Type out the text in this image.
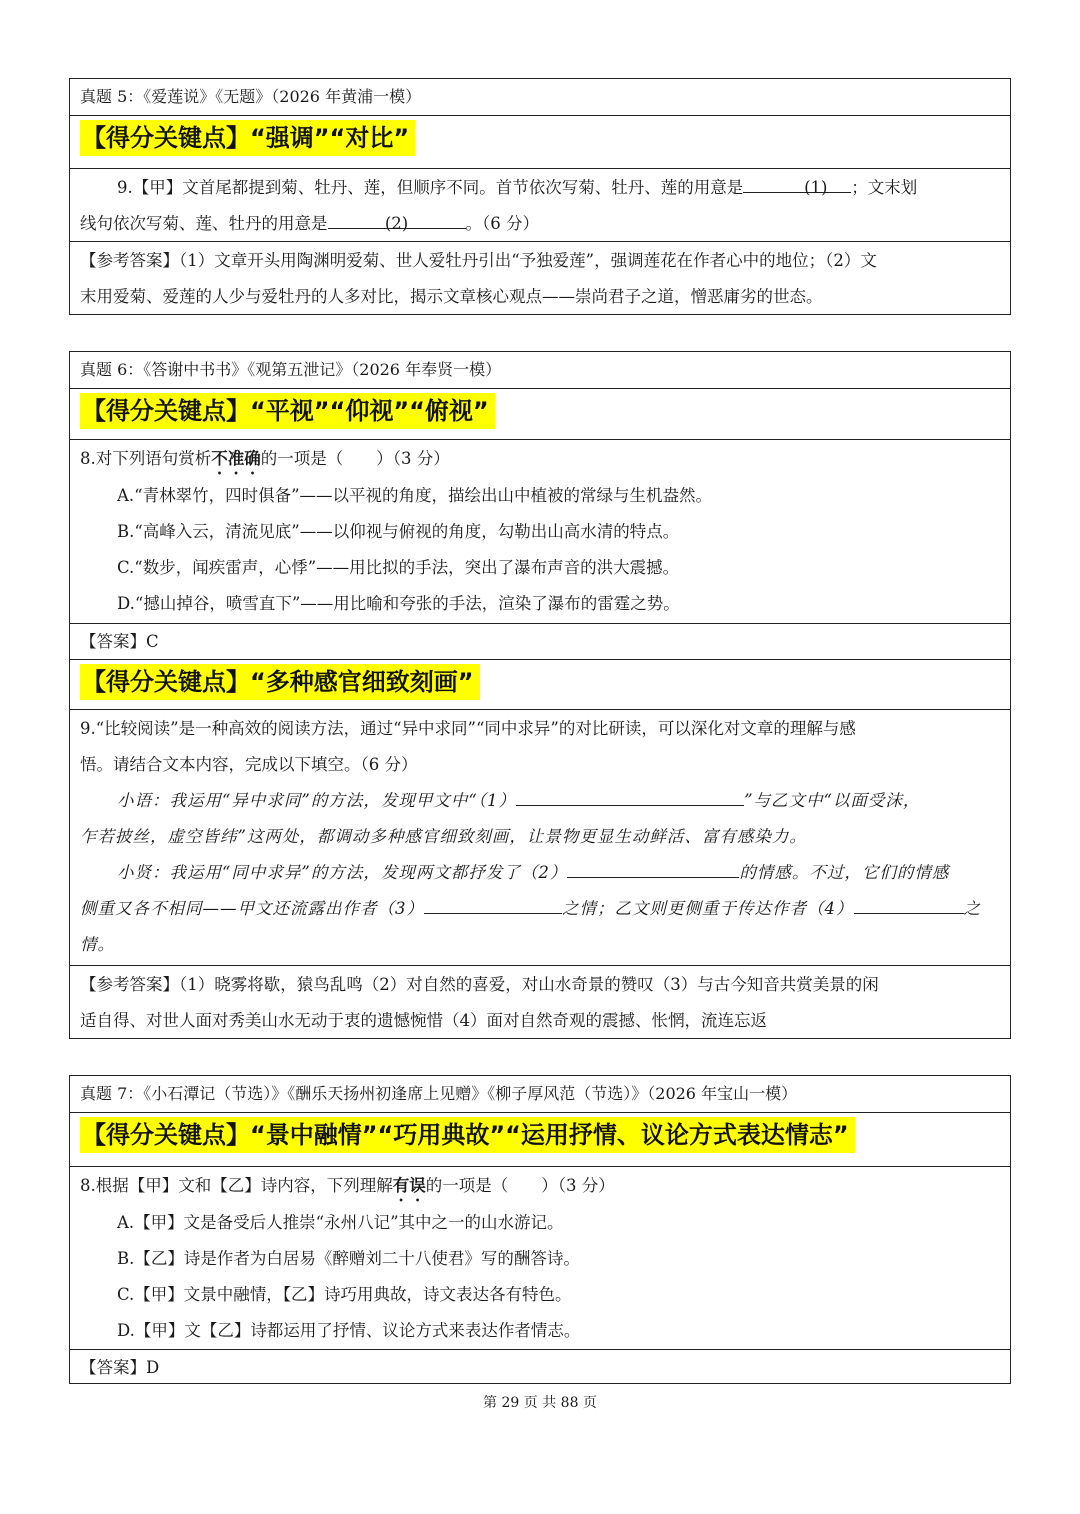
真题 5：《爱莲说》《无题》（2026 年黄浦一模）
【得分关键点】“强调”“对比”

9.【甲】文首尾都提到菊、牡丹、莲，但顺序不同。首节依次写菊、牡丹、莲的用意是	(1) ；文末划

线句依次写菊、莲、牡丹的用意是	(2)	。（6 分）

【参考答案】（1）文章开头用陶渊明爱菊、世人爱牡丹引出“予独爱莲”，强调莲花在作者心中的地位；（2）文

末用爱菊、爱莲的人少与爱牡丹的人多对比，揭示文章核心观点——崇尚君子之道，憎恶庸劣的世态。

真题 6：《答谢中书书》《观第五泄记》（2026 年奉贤一模）
【得分关键点】“平视”“仰视”“俯视”

8.对下列语句赏析不准确的一项是（　　）（3 分）

A.“青林翠竹，四时俱备”——以平视的角度，描绘出山中植被的常绿与生机盎然。

B.“高峰入云，清流见底”——以仰视与俯视的角度，勾勒出山高水清的特点。

C.“数步，闻疾雷声，心悸”——用比拟的手法，突出了瀑布声音的洪大震撼。

D.“撼山掉谷，喷雪直下”——用比喻和夸张的手法，渲染了瀑布的雷霆之势。

【答案】C
【得分关键点】“多种感官细致刻画”

9.“比较阅读”是一种高效的阅读方法，通过“异中求同”“同中求异”的对比研读，可以深化对文章的理解与感

悟。请结合文本内容，完成以下填空。（6 分）

小语：我运用“异中求同”的方法，发现甲文中“（1）	”与乙文中“以面受沫，

乍若披丝，虚空皆纬”这两处，都调动多种感官细致刻画，让景物更显生动鲜活、富有感染力。

小贤：我运用“同中求异”的方法，发现两文都抒发了（2）	的情感。不过，它们的情感

侧重又各不相同——甲文还流露出作者（3）	之情；乙文则更侧重于传达作者（4）	之

情。

【参考答案】（1）晓雾将歇，猿鸟乱鸣（2）对自然的喜爱，对山水奇景的赞叹（3）与古今知音共赏美景的闲

适自得、对世人面对秀美山水无动于衷的遗憾惋惜（4）面对自然奇观的震撼、怅惘，流连忘返

真题 7：《小石潭记（节选）》《酬乐天扬州初逢席上见赠》《柳子厚风范（节选）》（2026 年宝山一模）
【得分关键点】“景中融情”“巧用典故”“运用抒情、议论方式表达情志”

8.根据【甲】文和【乙】诗内容，下列理解有误的一项是（　　）（3 分）

A.【甲】文是备受后人推崇“永州八记”其中之一的山水游记。

B.【乙】诗是作者为白居易《醉赠刘二十八使君》写的酬答诗。

C.【甲】文景中融情，【乙】诗巧用典故，诗文表达各有特色。

D.【甲】文【乙】诗都运用了抒情、议论方式来表达作者情志。

【答案】D
第 29 页 共 88 页
